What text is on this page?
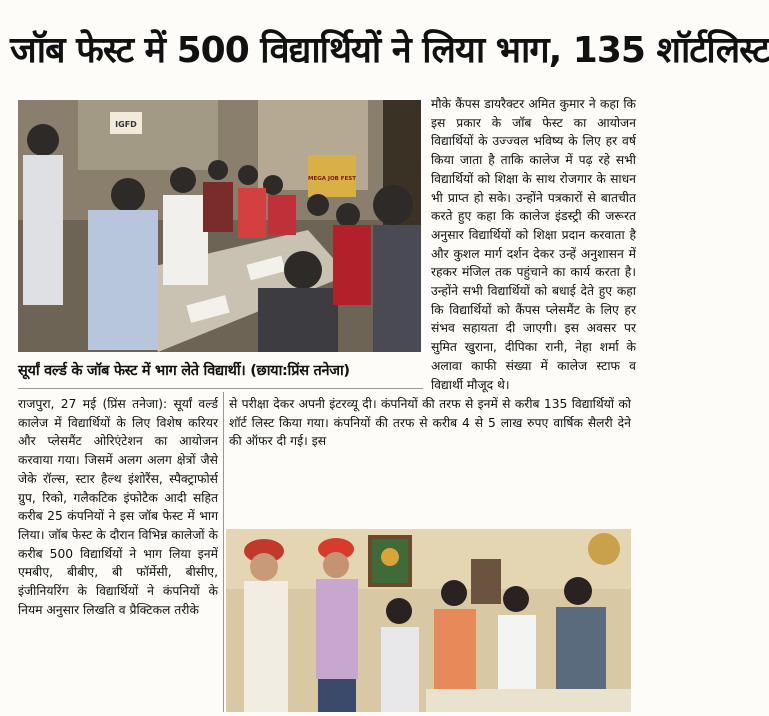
जॉब फेस्ट में 500 विद्यार्थियों ने लिया भाग, 135 शॉर्टलिस्ट
IGFD
MEGA JOB FEST
सूर्यां वर्ल्ड के जॉब फेस्ट में भाग लेते विद्यार्थी। (छाया:प्रिंस तनेजा)
मौके कैंपस डायरैक्टर अमित कुमार ने कहा कि इस प्रकार के जॉब फेस्ट का आयोजन विद्यार्थियों के उज्ज्वल भविष्य के लिए हर वर्ष किया जाता है ताकि कालेज में पढ़ रहे सभी विद्यार्थियों को शिक्षा के साथ रोजगार के साधन भी प्राप्त हो सके। उन्होंने पत्रकारों से बातचीत करते हुए कहा कि कालेज इंडस्ट्री की जरूरत अनुसार विद्यार्थियों को शिक्षा प्रदान करवाता है और कुशल मार्ग दर्शन देकर उन्हें अनुशासन में रहकर मंजिल तक पहुंचाने का कार्य करता है। उन्होंने सभी विद्यार्थियों को बधाई देते हुए कहा कि विद्यार्थियों को कैंपस प्लेसमैंट के लिए हर संभव सहायता दी जाएगी। इस अवसर पर सुमित खुराना, दीपिका रानी, नेहा शर्मा के अलावा काफी संख्या में कालेज स्टाफ व विद्यार्थी मौजूद थे।
राजपुरा, 27 मई (प्रिंस तनेजा): सूर्यां वर्ल्ड कालेज में विद्यार्थियों के लिए विशेष करियर और प्लेसमैंट ओरिएंटेशन का आयोजन करवाया गया। जिसमें अलग अलग क्षेत्रों जैसे जेके रॉल्स, स्टार हैल्थ इंशोरैंस, स्पैक्ट्राफोर्स ग्रुप, रिको, गलैकटिक इंफोटैक आदी सहित करीब 25 कंपनियों ने इस जॉब फेस्ट में भाग लिया। जॉब फेस्ट के दौरान विभिन्न कालेजों के करीब 500 विद्यार्थियों ने भाग लिया इनमें एमबीए, बीबीए, बी फॉर्मेसी, बीसीए, इंजीनियरिंग के विद्यार्थियों ने कंपनियों के नियम अनुसार लिखति व प्रैक्टिकल तरीके
से परीक्षा देकर अपनी इंटरव्यू दी। कंपनियों की तरफ से इनमें से करीब 135 विद्यार्थियों को शॉर्ट लिस्ट किया गया। कंपनियों की तरफ से करीब 4 से 5 लाख रुपए वार्षिक सैलरी देने की ऑफर दी गई। इस
